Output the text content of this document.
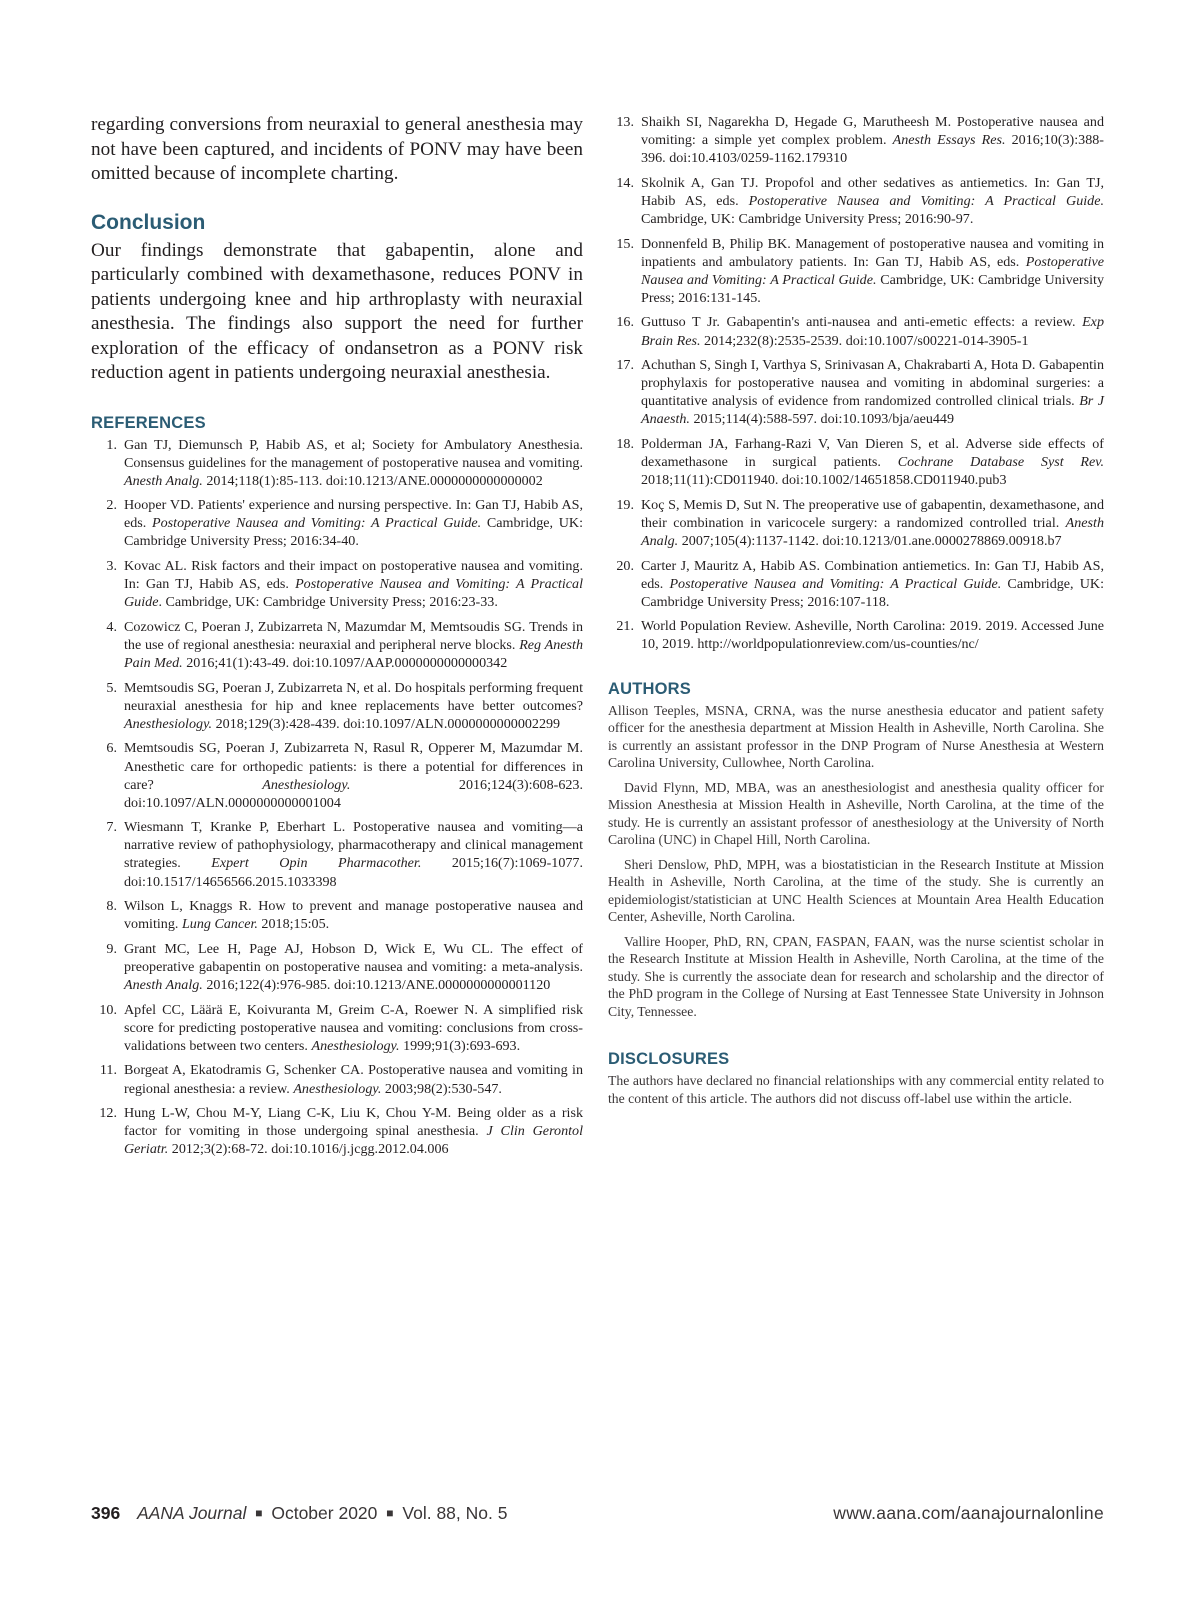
regarding conversions from neuraxial to general anesthesia may not have been captured, and incidents of PONV may have been omitted because of incomplete charting.

Conclusion

Our findings demonstrate that gabapentin, alone and particularly combined with dexamethasone, reduces PONV in patients undergoing knee and hip arthroplasty with neuraxial anesthesia. The findings also support the need for further exploration of the efficacy of ondansetron as a PONV risk reduction agent in patients undergoing neuraxial anesthesia.

REFERENCES
1. Gan TJ, Diemunsch P, Habib AS, et al; Society for Ambulatory Anesthesia. Consensus guidelines for the management of postoperative nausea and vomiting. Anesth Analg. 2014;118(1):85-113. doi:10.1213/ANE.0000000000000002
2. Hooper VD. Patients' experience and nursing perspective. In: Gan TJ, Habib AS, eds. Postoperative Nausea and Vomiting: A Practical Guide. Cambridge, UK: Cambridge University Press; 2016:34-40.
3. Kovac AL. Risk factors and their impact on postoperative nausea and vomiting. In: Gan TJ, Habib AS, eds. Postoperative Nausea and Vomiting: A Practical Guide. Cambridge, UK: Cambridge University Press; 2016:23-33.
4. Cozowicz C, Poeran J, Zubizarreta N, Mazumdar M, Memtsoudis SG. Trends in the use of regional anesthesia: neuraxial and peripheral nerve blocks. Reg Anesth Pain Med. 2016;41(1):43-49. doi:10.1097/AAP.0000000000000342
5. Memtsoudis SG, Poeran J, Zubizarreta N, et al. Do hospitals performing frequent neuraxial anesthesia for hip and knee replacements have better outcomes? Anesthesiology. 2018;129(3):428-439. doi:10.1097/ALN.0000000000002299
6. Memtsoudis SG, Poeran J, Zubizarreta N, Rasul R, Opperer M, Mazumdar M. Anesthetic care for orthopedic patients: is there a potential for differences in care? Anesthesiology. 2016;124(3):608-623. doi:10.1097/ALN.0000000000001004
7. Wiesmann T, Kranke P, Eberhart L. Postoperative nausea and vomiting—a narrative review of pathophysiology, pharmacotherapy and clinical management strategies. Expert Opin Pharmacother. 2015;16(7):1069-1077. doi:10.1517/14656566.2015.1033398
8. Wilson L, Knaggs R. How to prevent and manage postoperative nausea and vomiting. Lung Cancer. 2018;15:05.
9. Grant MC, Lee H, Page AJ, Hobson D, Wick E, Wu CL. The effect of preoperative gabapentin on postoperative nausea and vomiting: a meta-analysis. Anesth Analg. 2016;122(4):976-985. doi:10.1213/ANE.0000000000001120
10. Apfel CC, Läärä E, Koivuranta M, Greim C-A, Roewer N. A simplified risk score for predicting postoperative nausea and vomiting: conclusions from cross-validations between two centers. Anesthesiology. 1999;91(3):693-693.
11. Borgeat A, Ekatodramis G, Schenker CA. Postoperative nausea and vomiting in regional anesthesia: a review. Anesthesiology. 2003;98(2):530-547.
12. Hung L-W, Chou M-Y, Liang C-K, Liu K, Chou Y-M. Being older as a risk factor for vomiting in those undergoing spinal anesthesia. J Clin Gerontol Geriatr. 2012;3(2):68-72. doi:10.1016/j.jcgg.2012.04.006
13. Shaikh SI, Nagarekha D, Hegade G, Marutheesh M. Postoperative nausea and vomiting: a simple yet complex problem. Anesth Essays Res. 2016;10(3):388-396. doi:10.4103/0259-1162.179310
14. Skolnik A, Gan TJ. Propofol and other sedatives as antiemetics. In: Gan TJ, Habib AS, eds. Postoperative Nausea and Vomiting: A Practical Guide. Cambridge, UK: Cambridge University Press; 2016:90-97.
15. Donnenfeld B, Philip BK. Management of postoperative nausea and vomiting in inpatients and ambulatory patients. In: Gan TJ, Habib AS, eds. Postoperative Nausea and Vomiting: A Practical Guide. Cambridge, UK: Cambridge University Press; 2016:131-145.
16. Guttuso T Jr. Gabapentin's anti-nausea and anti-emetic effects: a review. Exp Brain Res. 2014;232(8):2535-2539. doi:10.1007/s00221-014-3905-1
17. Achuthan S, Singh I, Varthya S, Srinivasan A, Chakrabarti A, Hota D. Gabapentin prophylaxis for postoperative nausea and vomiting in abdominal surgeries: a quantitative analysis of evidence from randomized controlled clinical trials. Br J Anaesth. 2015;114(4):588-597. doi:10.1093/bja/aeu449
18. Polderman JA, Farhang-Razi V, Van Dieren S, et al. Adverse side effects of dexamethasone in surgical patients. Cochrane Database Syst Rev. 2018;11(11):CD011940. doi:10.1002/14651858.CD011940.pub3
19. Koç S, Memis D, Sut N. The preoperative use of gabapentin, dexamethasone, and their combination in varicocele surgery: a randomized controlled trial. Anesth Analg. 2007;105(4):1137-1142. doi:10.1213/01.ane.0000278869.00918.b7
20. Carter J, Mauritz A, Habib AS. Combination antiemetics. In: Gan TJ, Habib AS, eds. Postoperative Nausea and Vomiting: A Practical Guide. Cambridge, UK: Cambridge University Press; 2016:107-118.
21. World Population Review. Asheville, North Carolina: 2019. 2019. Accessed June 10, 2019. http://worldpopulationreview.com/us-counties/nc/
AUTHORS

Allison Teeples, MSNA, CRNA, was the nurse anesthesia educator and patient safety officer for the anesthesia department at Mission Health in Asheville, North Carolina. She is currently an assistant professor in the DNP Program of Nurse Anesthesia at Western Carolina University, Cullowhee, North Carolina.

David Flynn, MD, MBA, was an anesthesiologist and anesthesia quality officer for Mission Anesthesia at Mission Health in Asheville, North Carolina, at the time of the study. He is currently an assistant professor of anesthesiology at the University of North Carolina (UNC) in Chapel Hill, North Carolina.

Sheri Denslow, PhD, MPH, was a biostatistician in the Research Institute at Mission Health in Asheville, North Carolina, at the time of the study. She is currently an epidemiologist/statistician at UNC Health Sciences at Mountain Area Health Education Center, Asheville, North Carolina.

Vallire Hooper, PhD, RN, CPAN, FASPAN, FAAN, was the nurse scientist scholar in the Research Institute at Mission Health in Asheville, North Carolina, at the time of the study. She is currently the associate dean for research and scholarship and the director of the PhD program in the College of Nursing at East Tennessee State University in Johnson City, Tennessee.

DISCLOSURES

The authors have declared no financial relationships with any commercial entity related to the content of this article. The authors did not discuss off-label use within the article.

396 AANA Journal ■ October 2020 ■ Vol. 88, No. 5	www.aana.com/aanajournalonline
